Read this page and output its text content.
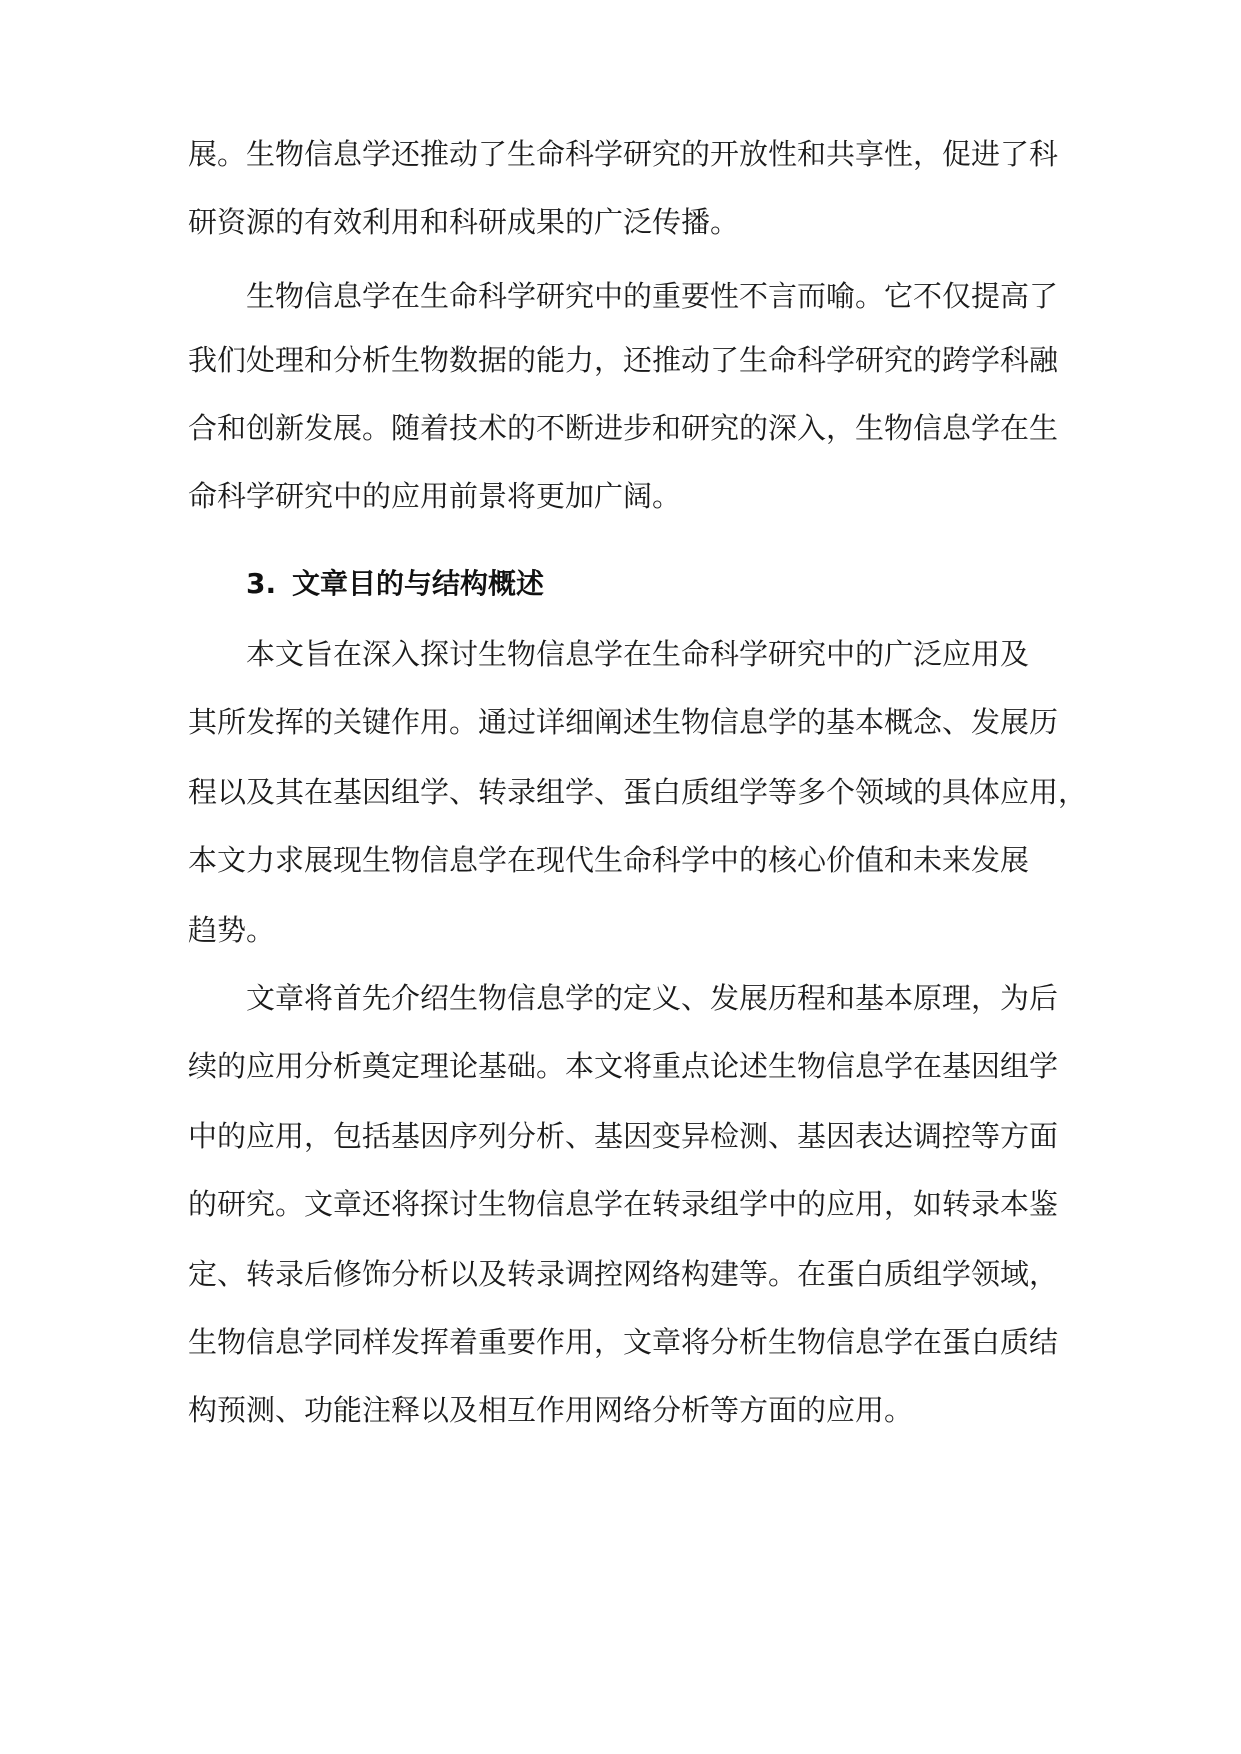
展。生物信息学还推动了生命科学研究的开放性和共享性，促进了科
研资源的有效利用和科研成果的广泛传播。
生物信息学在生命科学研究中的重要性不言而喻。它不仅提高了
我们处理和分析生物数据的能力，还推动了生命科学研究的跨学科融
合和创新发展。随着技术的不断进步和研究的深入，生物信息学在生
命科学研究中的应用前景将更加广阔。
3. 文章目的与结构概述
本文旨在深入探讨生物信息学在生命科学研究中的广泛应用及
其所发挥的关键作用。通过详细阐述生物信息学的基本概念、发展历
程以及其在基因组学、转录组学、蛋白质组学等多个领域的具体应用，
本文力求展现生物信息学在现代生命科学中的核心价值和未来发展
趋势。
文章将首先介绍生物信息学的定义、发展历程和基本原理，为后
续的应用分析奠定理论基础。本文将重点论述生物信息学在基因组学
中的应用，包括基因序列分析、基因变异检测、基因表达调控等方面
的研究。文章还将探讨生物信息学在转录组学中的应用，如转录本鉴
定、转录后修饰分析以及转录调控网络构建等。在蛋白质组学领域，
生物信息学同样发挥着重要作用，文章将分析生物信息学在蛋白质结
构预测、功能注释以及相互作用网络分析等方面的应用。
